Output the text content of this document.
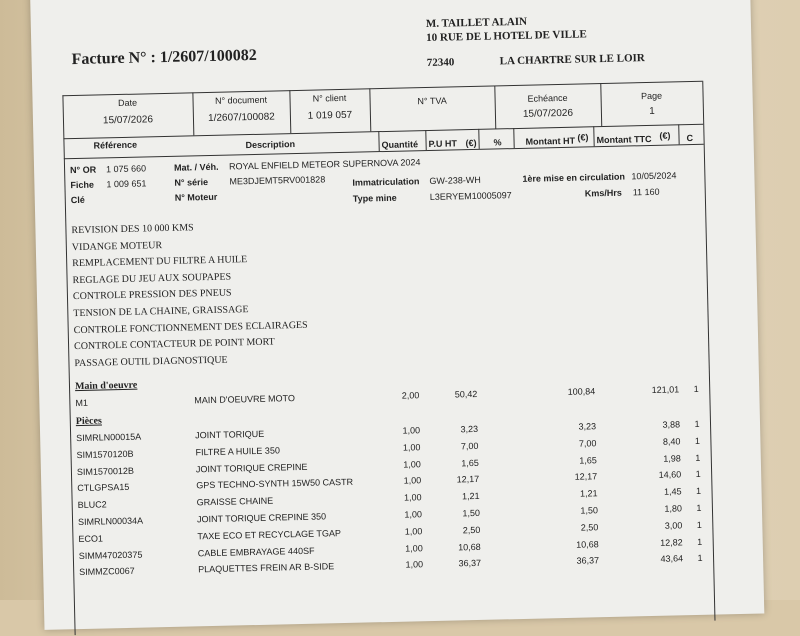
Facture N° : 1/2607/100082
M. TAILLET ALAIN
10 RUE DE L HOTEL DE VILLE
72340	LA CHARTRE SUR LE LOIR
Date
15/07/2026
N° document
1/2607/100082
N° client
1 019 057
N° TVA	Echéance
15/07/2026
Page
1
Référence	Description	Quantité P.U HT (€) %	Montant HT (€) Montant TTC (€) C
N° OR 1 075 660
Fiche 1 009 651
Clé
Mat. / Véh. ROYAL ENFIELD METEOR SUPERNOVA 2024
N° série ME3DJEMT5RV001828
N° Moteur
Immatriculation GW-238-WH
Type mine	L3ERYEM10005097
1ère mise en circulation 10/05/2024
Kms/Hrs 11 160
REVISION DES 10 000 KMS
VIDANGE MOTEUR
REMPLACEMENT DU FILTRE A HUILE
REGLAGE DU JEU AUX SOUPAPES
CONTROLE PRESSION DES PNEUS
TENSION DE LA CHAINE, GRAISSAGE
CONTROLE FONCTIONNEMENT DES ECLAIRAGES
CONTROLE CONTACTEUR DE POINT MORT
PASSAGE OUTIL DIAGNOSTIQUE
Main d'oeuvre
M1	MAIN D'OEUVRE MOTO	2,00	50,42	100,84	121,01	1
Pièces
SIMRLN00015A	JOINT TORIQUE	1,00	3,23	3,23	3,88	1
SIM1570120B	FILTRE A HUILE 350	1,00	7,00	7,00	8,40	1
SIM1570012B	JOINT TORIQUE CREPINE	1,00	1,65	1,65	1,98	1
CTLGPSA15	GPS TECHNO-SYNTH 15W50 CASTR	1,00	12,17	12,17	14,60	1
BLUC2	GRAISSE CHAINE	1,00	1,21	1,21	1,45	1
SIMRLN00034A	JOINT TORIQUE CREPINE 350	1,00	1,50	1,50	1,80	1
ECO1	TAXE ECO ET RECYCLAGE TGAP	1,00	2,50	2,50	3,00	1
SIMM47020375	CABLE EMBRAYAGE 440SF	1,00	10,68	10,68	12,82	1
SIMMZC0067	PLAQUETTES FREIN AR B-SIDE	1,00	36,37	36,37	43,64	1
